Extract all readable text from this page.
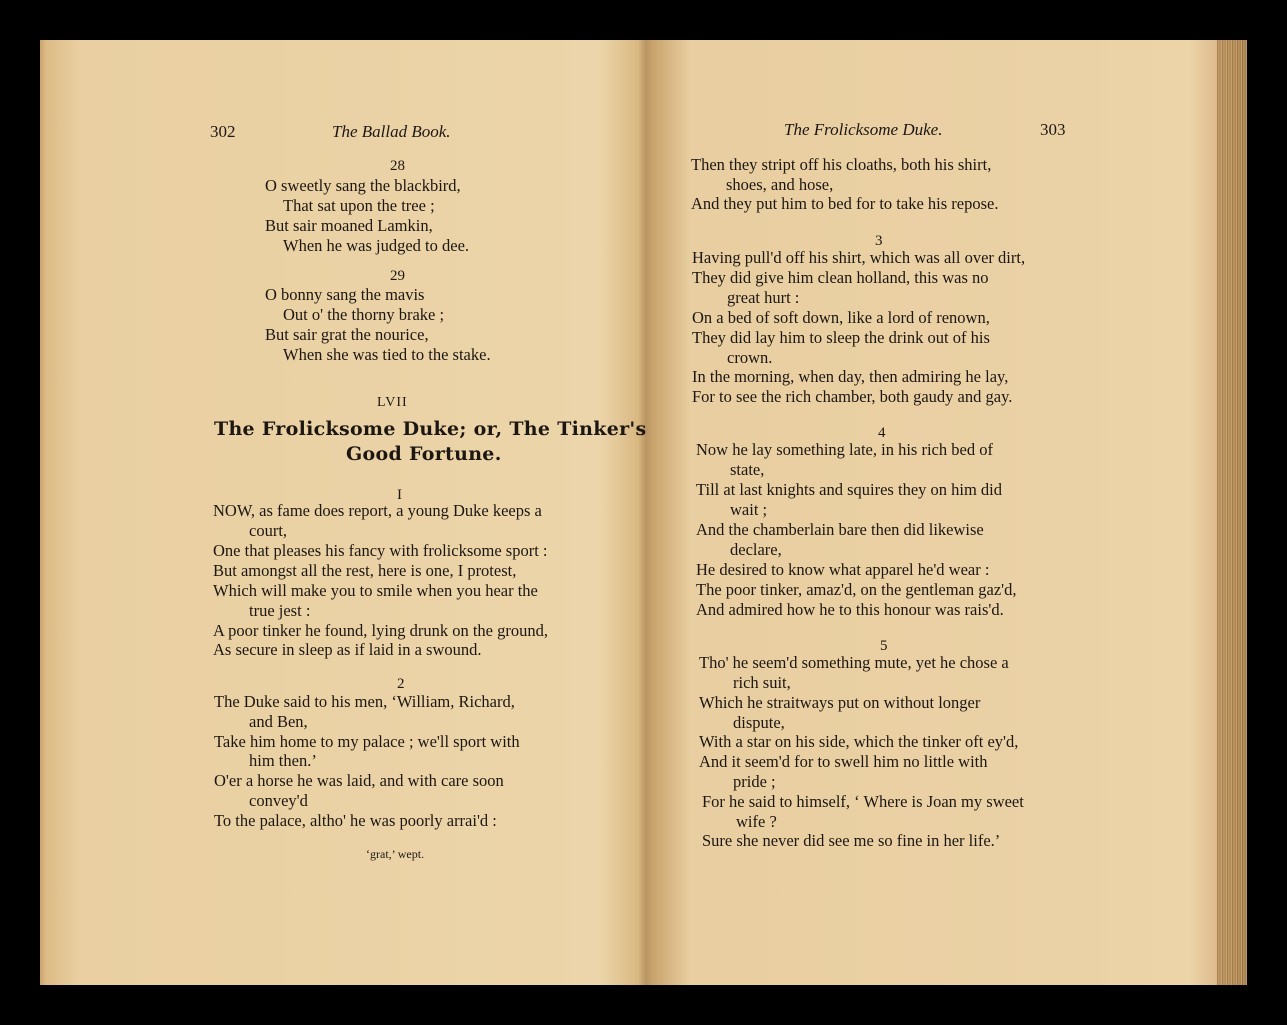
302	The Ballad Book.
28
O sweetly sang the blackbird,
That sat upon the tree ;
But sair moaned Lamkin,
When he was judged to dee.
29
O bonny sang the mavis
Out o' the thorny brake ;
But sair grat the nourice,
When she was tied to the stake.
LVII
The Frolicksome Duke; or, The Tinker's
Good Fortune.
I
NOW, as fame does report, a young Duke keeps a
court,
One that pleases his fancy with frolicksome sport :
But amongst all the rest, here is one, I protest,
Which will make you to smile when you hear the
true jest :
A poor tinker he found, lying drunk on the ground,
As secure in sleep as if laid in a swound.
2
The Duke said to his men, ‘William, Richard,
and Ben,
Take him home to my palace ; we'll sport with
him then.’
O'er a horse he was laid, and with care soon
convey'd
To the palace, altho' he was poorly arrai'd :
‘grat,’ wept.
The Frolicksome Duke.	303
Then they stript off his cloaths, both his shirt,
shoes, and hose,
And they put him to bed for to take his repose.
3
Having pull'd off his shirt, which was all over dirt,
They did give him clean holland, this was no
great hurt :
On a bed of soft down, like a lord of renown,
They did lay him to sleep the drink out of his
crown.
In the morning, when day, then admiring he lay,
For to see the rich chamber, both gaudy and gay.
4
Now he lay something late, in his rich bed of
state,
Till at last knights and squires they on him did
wait ;
And the chamberlain bare then did likewise
declare,
He desired to know what apparel he'd wear :
The poor tinker, amaz'd, on the gentleman gaz'd,
And admired how he to this honour was rais'd.
5
Tho' he seem'd something mute, yet he chose a
rich suit,
Which he straitways put on without longer
dispute,
With a star on his side, which the tinker oft ey'd,
And it seem'd for to swell him no little with
pride ;
For he said to himself, ‘ Where is Joan my sweet
wife ?
Sure she never did see me so fine in her life.’
